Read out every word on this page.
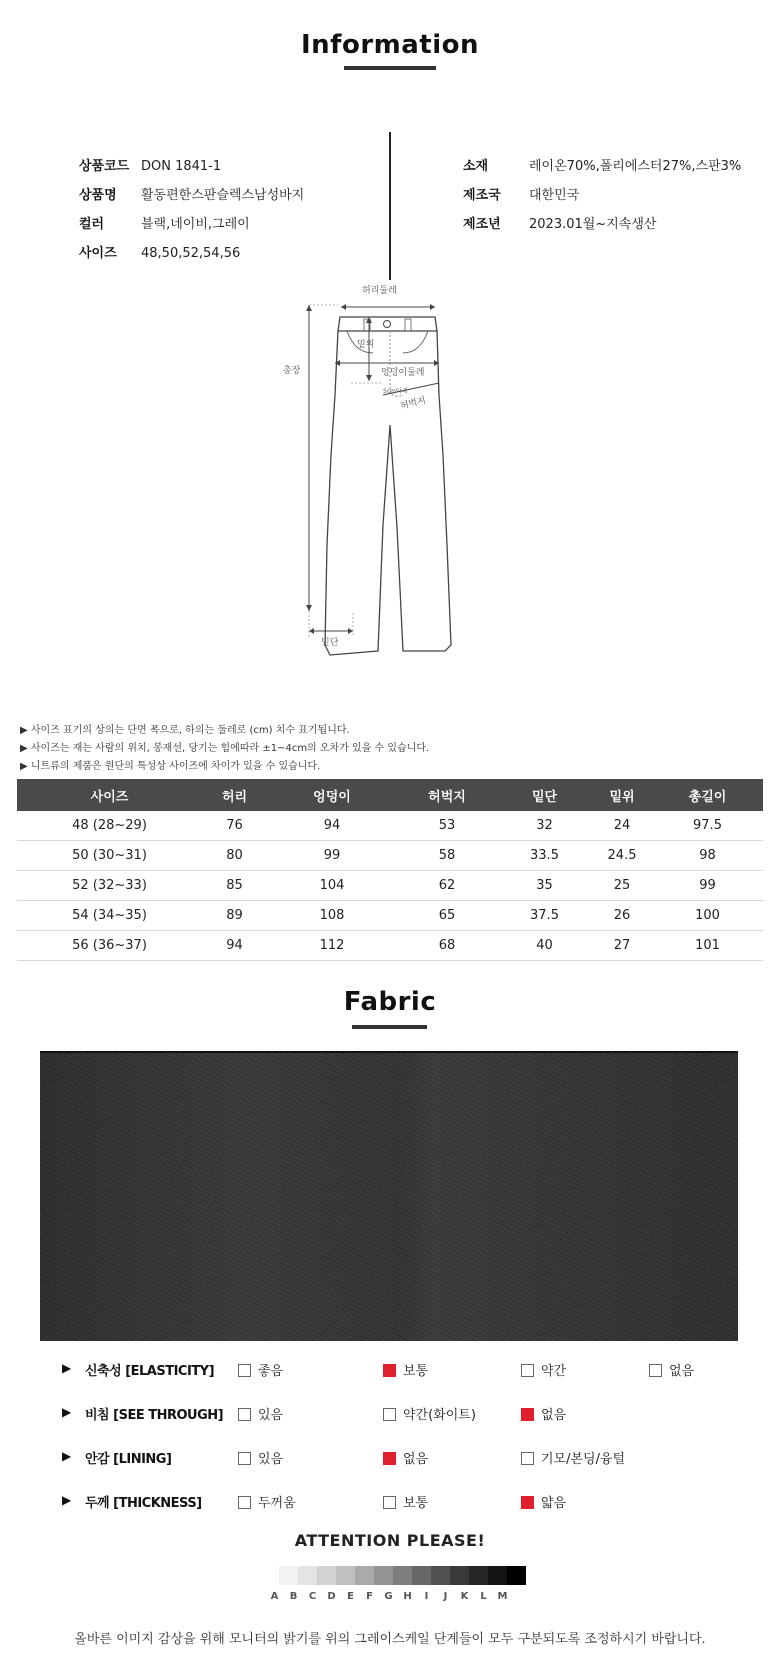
Information
상품코드 DON 1841-1
상품명 활동편한스판슬렉스남성바지
컬러	블랙,네이비,그레이
사이즈 48,50,52,54,56
소재	레이온70%,폴리에스터27%,스판3%
제조국 대한민국
제조년 2023.01월~지속생산
허리둘레
총장
밑위
엉덩이둘레
5cm아래
허벅지
밑단
▶ 사이즈 표기의 상의는 단면 폭으로, 하의는 둘레로 (cm) 치수 표기됩니다.
▶ 사이즈는 재는 사람의 위치, 봉재선, 당기는 힘에따라 ±1~4cm의 오차가 있을 수 있습니다.
▶ 니트류의 제품은 원단의 특성상 사이즈에 차이가 있을 수 있습니다.
사이즈	허리	엉덩이	허벅지	밑단	밑위	총길이
48 (28~29)	76	94	53	32	24	97.5
50 (30~31)	80	99	58	33.5	24.5	98
52 (32~33)	85	104	62	35	25	99
54 (34~35)	89	108	65	37.5	26	100
56 (36~37)	94	112	68	40	27	101
Fabric
▶ 신축성 [ELASTICITY]	좋음	보통	약간	없음
▶ 비침 [SEE THROUGH]	있음	약간(화이트)	없음
▶ 안감 [LINING]	있음	없음	기모/본딩/융털
▶ 두께 [THICKNESS]	두꺼움	보통	얇음
ATTENTION PLEASE!
A	B	C	D	E	F	G	H	I	J	K	L	M
올바른 이미지 감상을 위해 모니터의 밝기를 위의 그레이스케일 단계들이 모두 구분되도록 조정하시기 바랍니다.
